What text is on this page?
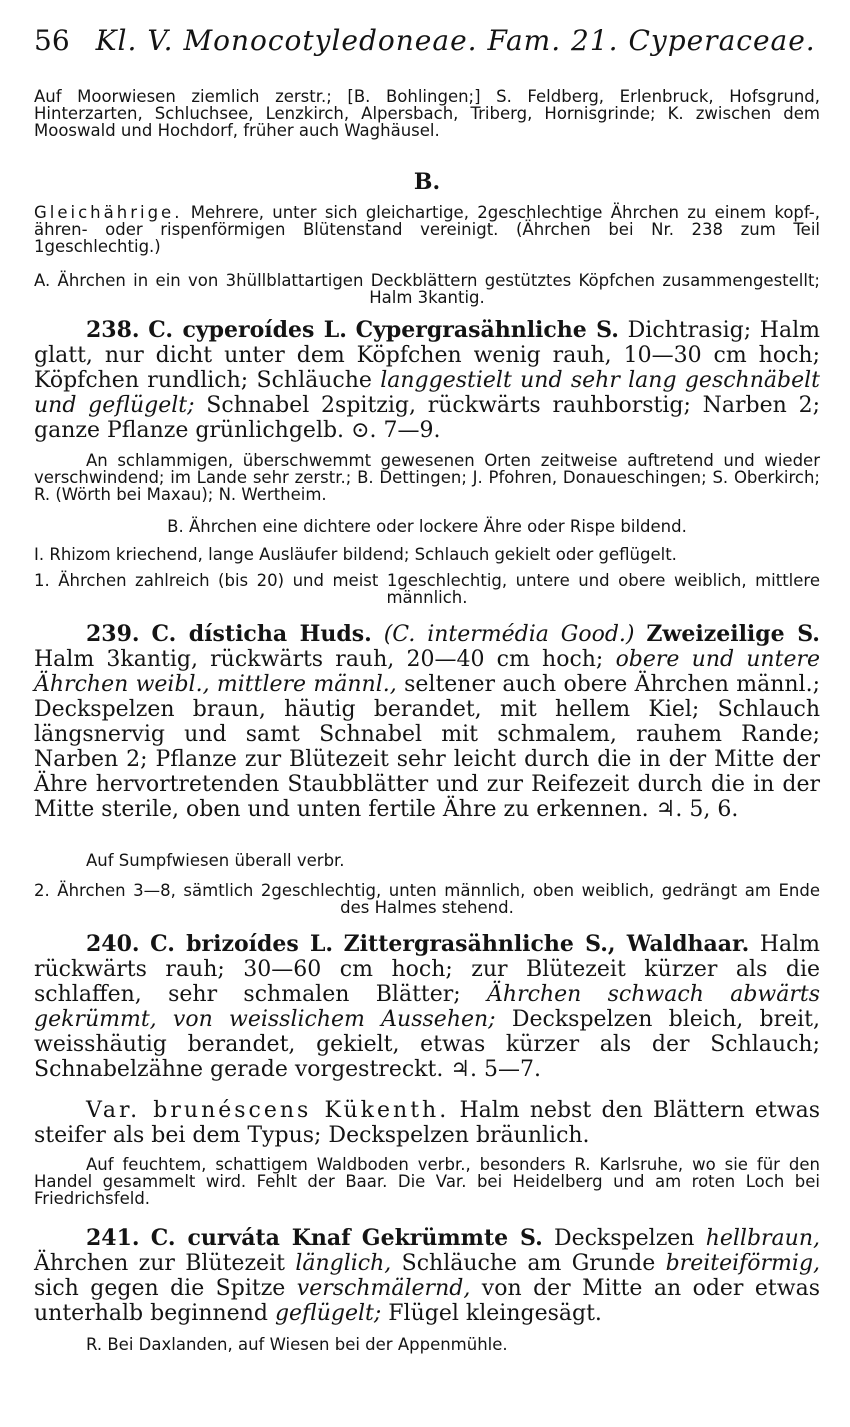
56 Kl. V. Monocotyledoneae. Fam. 21. Cyperaceae.
Auf Moorwiesen ziemlich zerstr.; [B. Bohlingen;] S. Feldberg, Erlenbruck, Hofsgrund, Hinterzarten, Schluchsee, Lenzkirch, Alpersbach, Triberg, Hornisgrinde; K. zwischen dem Mooswald und Hochdorf, früher auch Waghäusel.
B.
Gleichährige. Mehrere, unter sich gleichartige, 2geschlechtige Ährchen zu einem kopf-, ähren- oder rispenförmigen Blütenstand vereinigt. (Ährchen bei Nr. 238 zum Teil 1geschlechtig.)
A. Ährchen in ein von 3hüllblattartigen Deckblättern gestütztes Köpfchen zusammengestellt; Halm 3kantig.
238. C. cyperoídes L. Cypergrasähnliche S. Dichtrasig; Halm glatt, nur dicht unter dem Köpfchen wenig rauh, 10—30 cm hoch; Köpfchen rundlich; Schläuche langgestielt und sehr lang geschnäbelt und geflügelt; Schnabel 2spitzig, rückwärts rauhborstig; Narben 2; ganze Pflanze grünlichgelb. ⊙. 7—9.
An schlammigen, überschwemmt gewesenen Orten zeitweise auftretend und wieder verschwindend; im Lande sehr zerstr.; B. Dettingen; J. Pfohren, Donaueschingen; S. Oberkirch; R. (Wörth bei Maxau); N. Wertheim.
B. Ährchen eine dichtere oder lockere Ähre oder Rispe bildend.
I. Rhizom kriechend, lange Ausläufer bildend; Schlauch gekielt oder geflügelt.
1. Ährchen zahlreich (bis 20) und meist 1geschlechtig, untere und obere weiblich, mittlere männlich.
239. C. dísticha Huds. (C. intermédia Good.) Zweizeilige S. Halm 3kantig, rückwärts rauh, 20—40 cm hoch; obere und untere Ährchen weibl., mittlere männl., seltener auch obere Ährchen männl.; Deckspelzen braun, häutig berandet, mit hellem Kiel; Schlauch längsnervig und samt Schnabel mit schmalem, rauhem Rande; Narben 2; Pflanze zur Blütezeit sehr leicht durch die in der Mitte der Ähre hervortretenden Staubblätter und zur Reifezeit durch die in der Mitte sterile, oben und unten fertile Ähre zu erkennen. ♃. 5, 6.
Auf Sumpfwiesen überall verbr.
2. Ährchen 3—8, sämtlich 2geschlechtig, unten männlich, oben weiblich, gedrängt am Ende des Halmes stehend.
240. C. brizoídes L. Zittergrasähnliche S., Waldhaar. Halm rückwärts rauh; 30—60 cm hoch; zur Blütezeit kürzer als die schlaffen, sehr schmalen Blätter; Ährchen schwach abwärts gekrümmt, von weisslichem Aussehen; Deckspelzen bleich, breit, weisshäutig berandet, gekielt, etwas kürzer als der Schlauch; Schnabelzähne gerade vorgestreckt. ♃. 5—7.
Var. brunéscens Kükenth. Halm nebst den Blättern etwas steifer als bei dem Typus; Deckspelzen bräunlich.
Auf feuchtem, schattigem Waldboden verbr., besonders R. Karlsruhe, wo sie für den Handel gesammelt wird. Fehlt der Baar. Die Var. bei Heidelberg und am roten Loch bei Friedrichsfeld.
241. C. curváta Knaf Gekrümmte S. Deckspelzen hellbraun, Ährchen zur Blütezeit länglich, Schläuche am Grunde breiteiförmig, sich gegen die Spitze verschmälernd, von der Mitte an oder etwas unterhalb beginnend geflügelt; Flügel kleingesägt.
R. Bei Daxlanden, auf Wiesen bei der Appenmühle.
